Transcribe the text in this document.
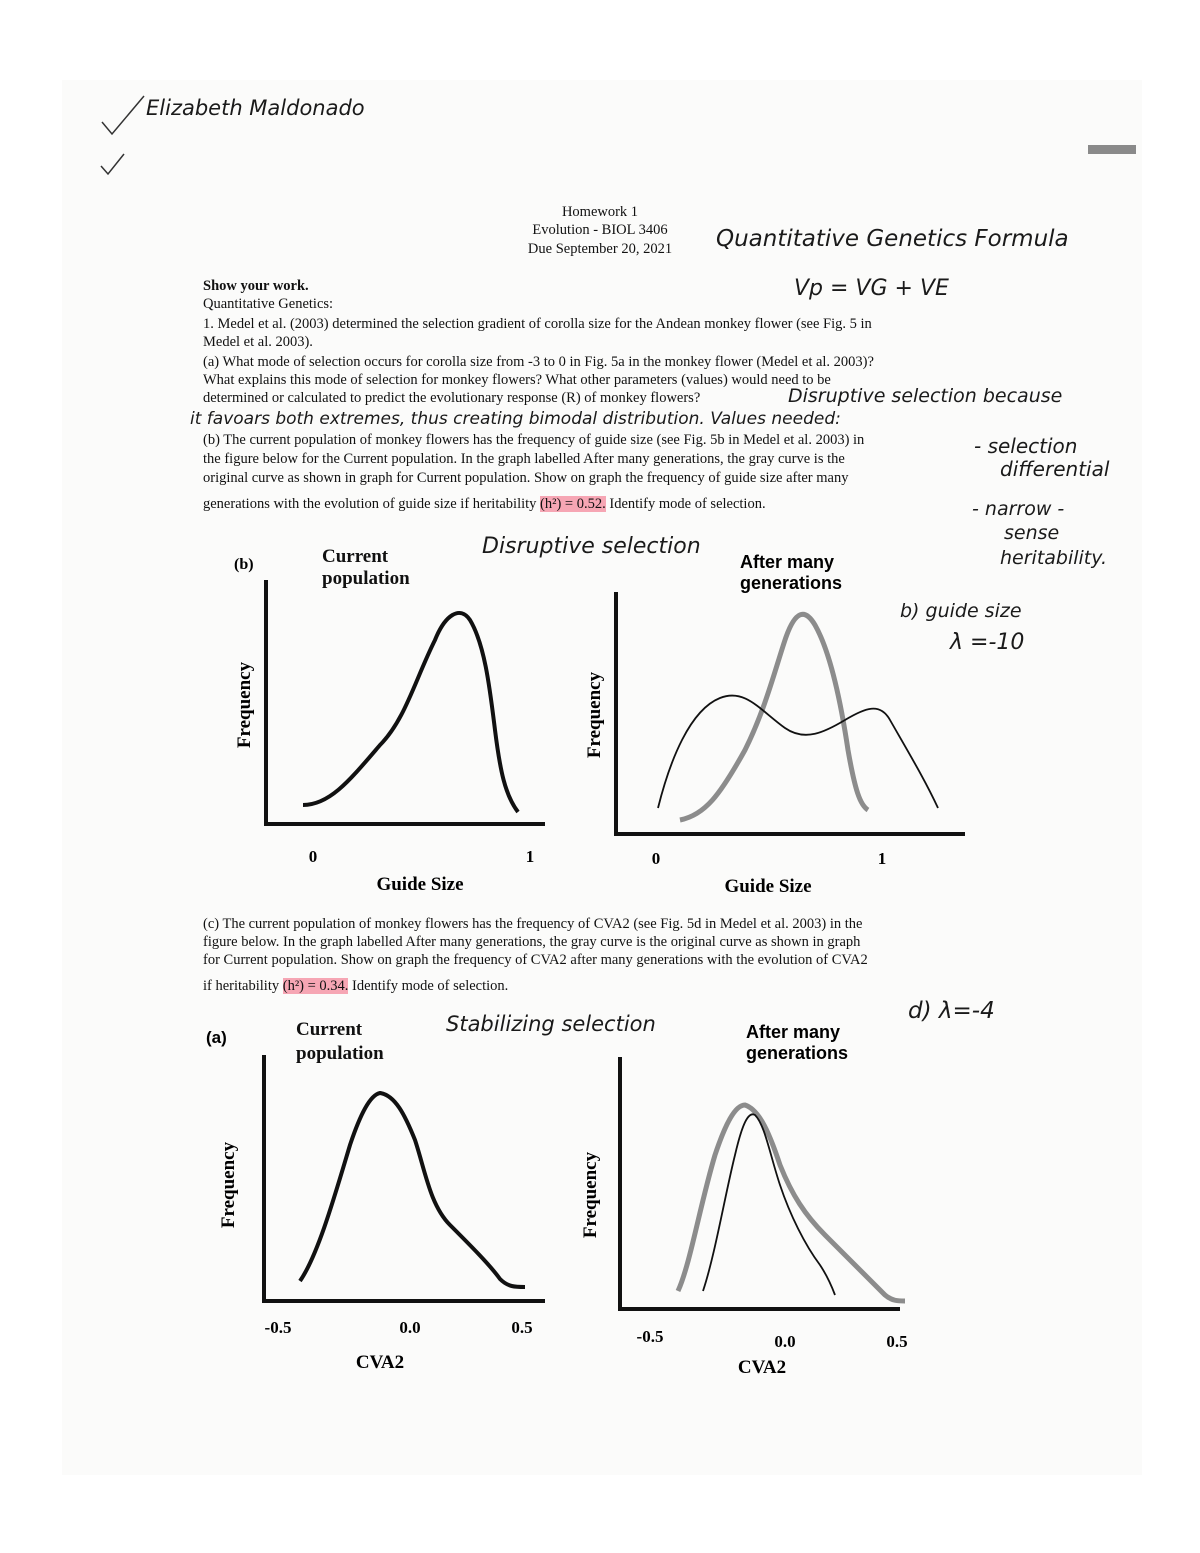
Elizabeth Maldonado
Homework 1
Evolution - BIOL 3406
Due September 20, 2021	Quantitative Genetics Formula
Vp = VG + VE
Show your work.
Quantitative Genetics:
1. Medel et al. (2003) determined the selection gradient of corolla size for the Andean monkey flower (see Fig. 5 in
Medel et al. 2003).
(a) What mode of selection occurs for corolla size from -3 to 0 in Fig. 5a in the monkey flower (Medel et al. 2003)?
What explains this mode of selection for monkey flowers? What other parameters (values) would need to be
determined or calculated to predict the evolutionary response (R) of monkey flowers?	Disruptive selection because
it favoars both extremes, thus creating bimodal distribution. Values needed:
(b) The current population of monkey flowers has the frequency of guide size (see Fig. 5b in Medel et al. 2003) in
the figure below for the Current population. In the graph labelled After many generations, the gray curve is the
original curve as shown in graph for Current population. Show on graph the frequency of guide size after many
generations with the evolution of guide size if heritability (h²) = 0.52. Identify mode of selection.
- selection
differential
- narrow -
sense
heritability.
Disruptive selection
b) guide size
λ =-10
(b)	Current
population
After many
generations
Frequency
0	1
Guide Size
Frequency
0	1
Guide Size
(c) The current population of monkey flowers has the frequency of CVA2 (see Fig. 5d in Medel et al. 2003) in the
figure below. In the graph labelled After many generations, the gray curve is the original curve as shown in graph
for Current population. Show on graph the frequency of CVA2 after many generations with the evolution of CVA2
if heritability (h²) = 0.34. Identify mode of selection.
d) λ=-4
Stabilizing selection
(a)	Current
population
After many
generations
Frequency
-0.5	0.0	0.5
CVA2
Frequency
-0.5	0.0	0.5
CVA2
